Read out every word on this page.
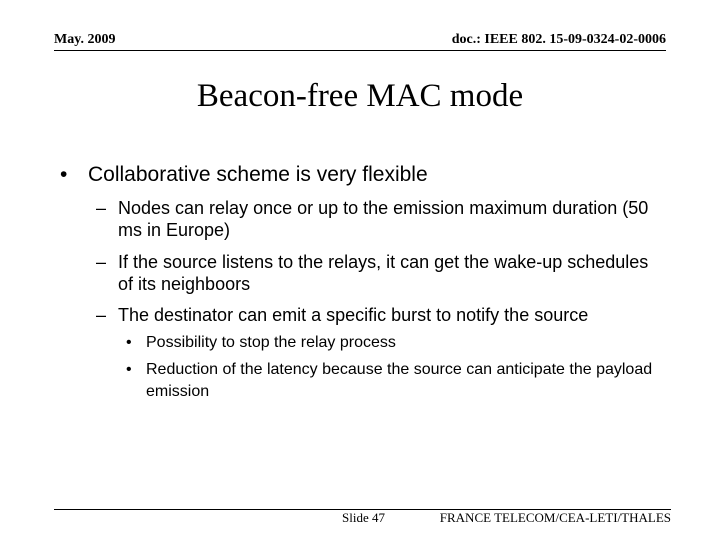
May. 2009	doc.: IEEE 802. 15-09-0324-02-0006
Beacon-free MAC mode
• Collaborative scheme is very flexible
– Nodes can relay once or up to the emission maximum duration (50 ms in Europe)
– If the source listens to the relays, it can get the wake-up schedules of its neighboors
– The destinator can emit a specific burst to notify the source
• Possibility to stop the relay process
• Reduction of the latency because the source can anticipate the payload emission
Slide 47	FRANCE TELECOM/CEA-LETI/THALES
